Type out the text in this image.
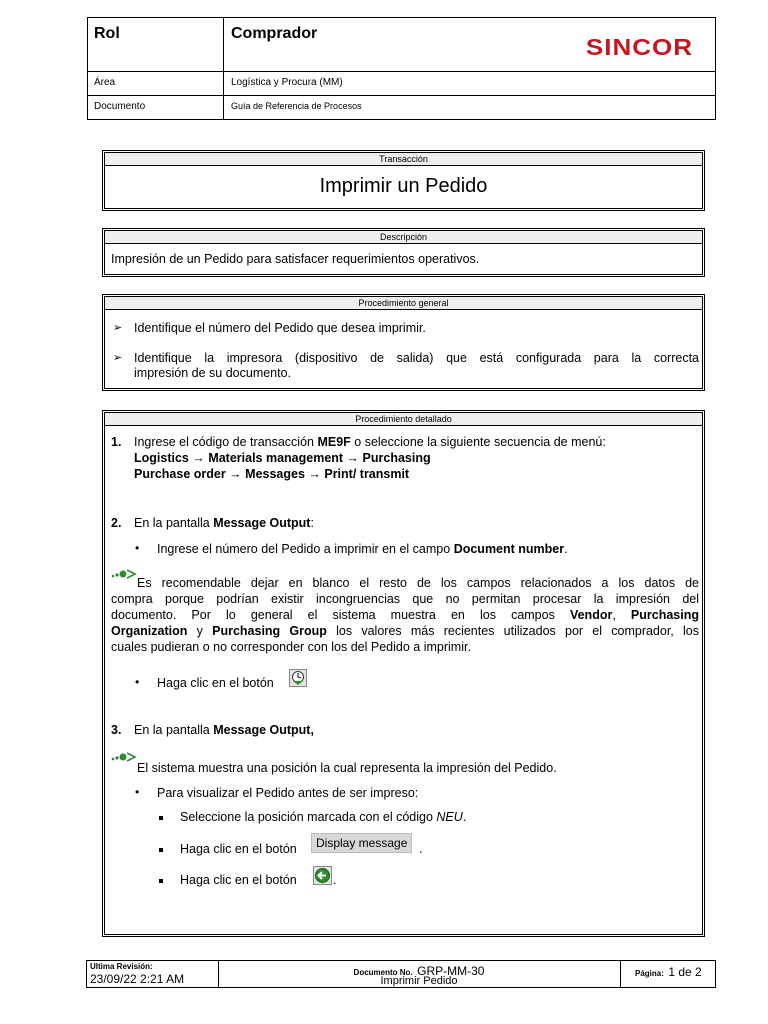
Rol	Comprador
SINCOR
Área	Logística y Procura (MM)
Documento	Guía de Referencia de Procesos
Transacción
Imprimir un Pedido
Descripción
Impresión de un Pedido para satisfacer requerimientos operativos.
Procedimiento general
➢ Identifique el número del Pedido que desea imprimir.
➢ Identifique la impresora (dispositivo de salida) que está configurada para la correcta
impresión de su documento.
Procedimiento detallado
1. Ingrese el código de transacción ME9F o seleccione la siguiente secuencia de menú:
Logistics → Materials management → Purchasing
Purchase order → Messages → Print/ transmit
2. En la pantalla Message Output:
• Ingrese el número del Pedido a imprimir en el campo Document number.
Es recomendable dejar en blanco el resto de los campos relacionados a los datos de
compra porque podrían existir incongruencias que no permitan procesar la impresión del
documento. Por lo general el sistema muestra en los campos Vendor, Purchasing
Organization y Purchasing Group los valores más recientes utilizados por el comprador, los
cuales pudieran o no corresponder con los del Pedido a imprimir.
• Haga clic en el botón
3. En la pantalla Message Output,
El sistema muestra una posición la cual representa la impresión del Pedido.
• Para visualizar el Pedido antes de ser impreso:
Seleccione la posición marcada con el código NEU.
Haga clic en el botón	Display message .
Haga clic en el botón	.
Ultima Revisión:
23/09/22 2:21 AM	Documento No. GRP-MM-30
Imprimir Pedido
Página: 1 de 2
